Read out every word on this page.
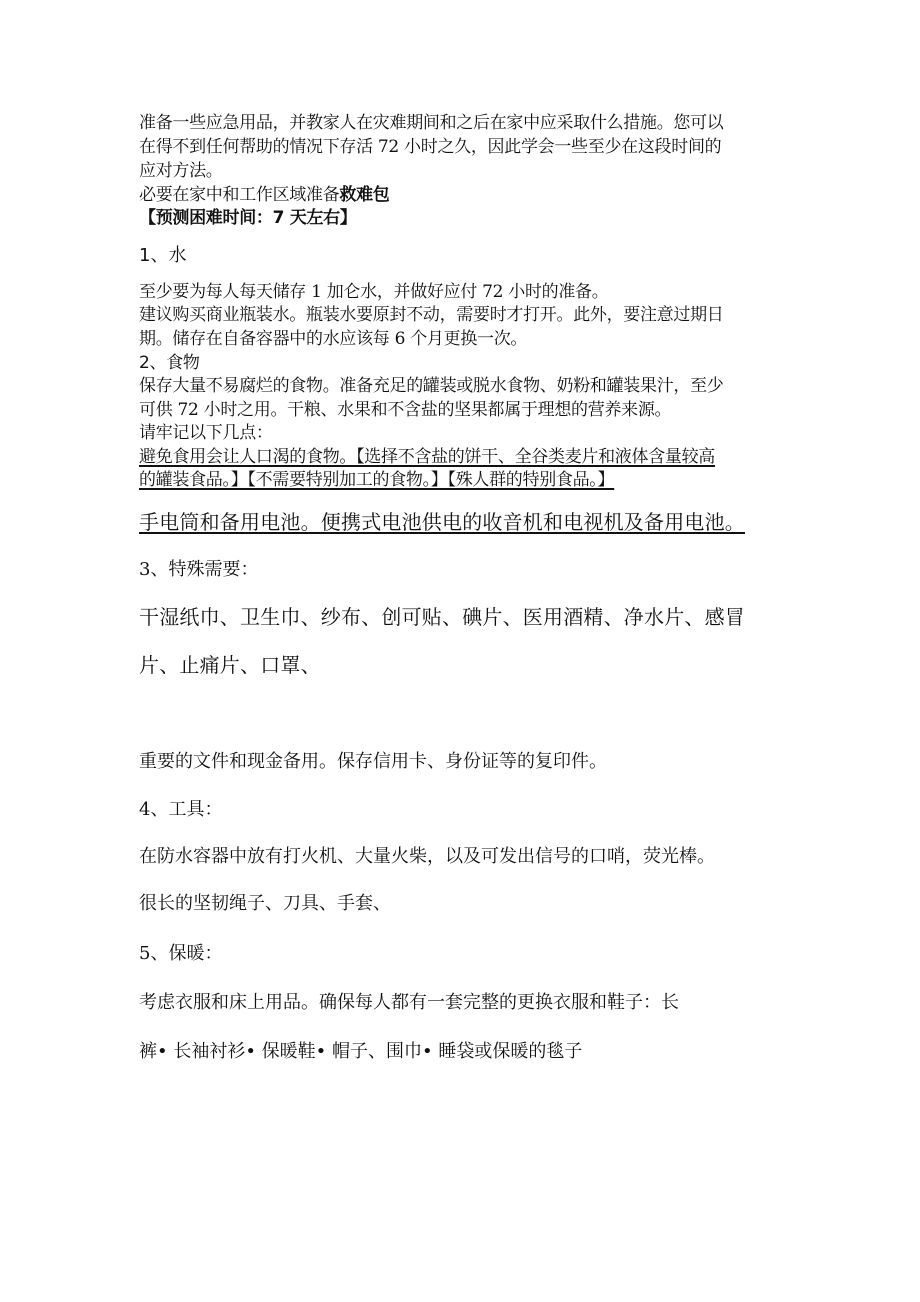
准备一些应急用品，并教家人在灾难期间和之后在家中应采取什么措施。您可以
在得不到任何帮助的情况下存活 72 小时之久，因此学会一些至少在这段时间的
应对方法。
必要在家中和工作区域准备救难包
【预测困难时间：7 天左右】
1、水
至少要为每人每天储存 1 加仑水，并做好应付 72 小时的准备。
建议购买商业瓶装水。瓶装水要原封不动，需要时才打开。此外，要注意过期日
期。储存在自备容器中的水应该每 6 个月更换一次。
2、食物
保存大量不易腐烂的食物。准备充足的罐装或脱水食物、奶粉和罐装果汁，至少
可供 72 小时之用。干粮、水果和不含盐的坚果都属于理想的营养来源。
请牢记以下几点：
避免食用会让人口渴的食物。【选择不含盐的饼干、全谷类麦片和液体含量较高
的罐装食品。】【不需要特别加工的食物。】【殊人群的特别食品。】
手电筒和备用电池。便携式电池供电的收音机和电视机及备用电池。
3、特殊需要：
干湿纸巾、卫生巾、纱布、创可贴、碘片、医用酒精、净水片、感冒
片、止痛片、口罩、
重要的文件和现金备用。保存信用卡、身份证等的复印件。
4、工具：
在防水容器中放有打火机、大量火柴，以及可发出信号的口哨，荧光棒。
很长的坚韧绳子、刀具、手套、
5、保暖：
考虑衣服和床上用品。确保每人都有一套完整的更换衣服和鞋子：长
裤• 长袖衬衫• 保暖鞋• 帽子、围巾• 睡袋或保暖的毯子
